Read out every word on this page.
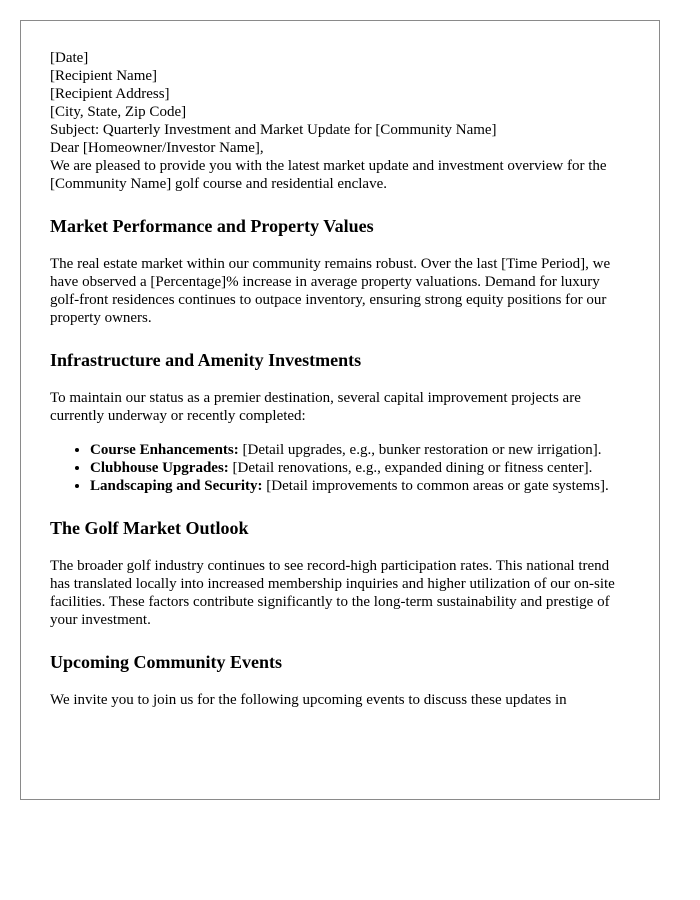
[Date]

[Recipient Name]
[Recipient Address]
[City, State, Zip Code]

Subject: Quarterly Investment and Market Update for [Community Name]

Dear [Homeowner/Investor Name],

We are pleased to provide you with the latest market update and investment overview for the [Community Name] golf course and residential enclave.

Market Performance and Property Values

The real estate market within our community remains robust. Over the last [Time Period], we have observed a [Percentage]% increase in average property valuations. Demand for luxury golf-front residences continues to outpace inventory, ensuring strong equity positions for our property owners.

Infrastructure and Amenity Investments

To maintain our status as a premier destination, several capital improvement projects are currently underway or recently completed:

• Course Enhancements: [Detail upgrades, e.g., bunker restoration or new irrigation].
• Clubhouse Upgrades: [Detail renovations, e.g., expanded dining or fitness center].
• Landscaping and Security: [Detail improvements to common areas or gate systems].
The Golf Market Outlook

The broader golf industry continues to see record-high participation rates. This national trend has translated locally into increased membership inquiries and higher utilization of our on-site facilities. These factors contribute significantly to the long-term sustainability and prestige of your investment.

Upcoming Community Events

We invite you to join us for the following upcoming events to discuss these updates in
